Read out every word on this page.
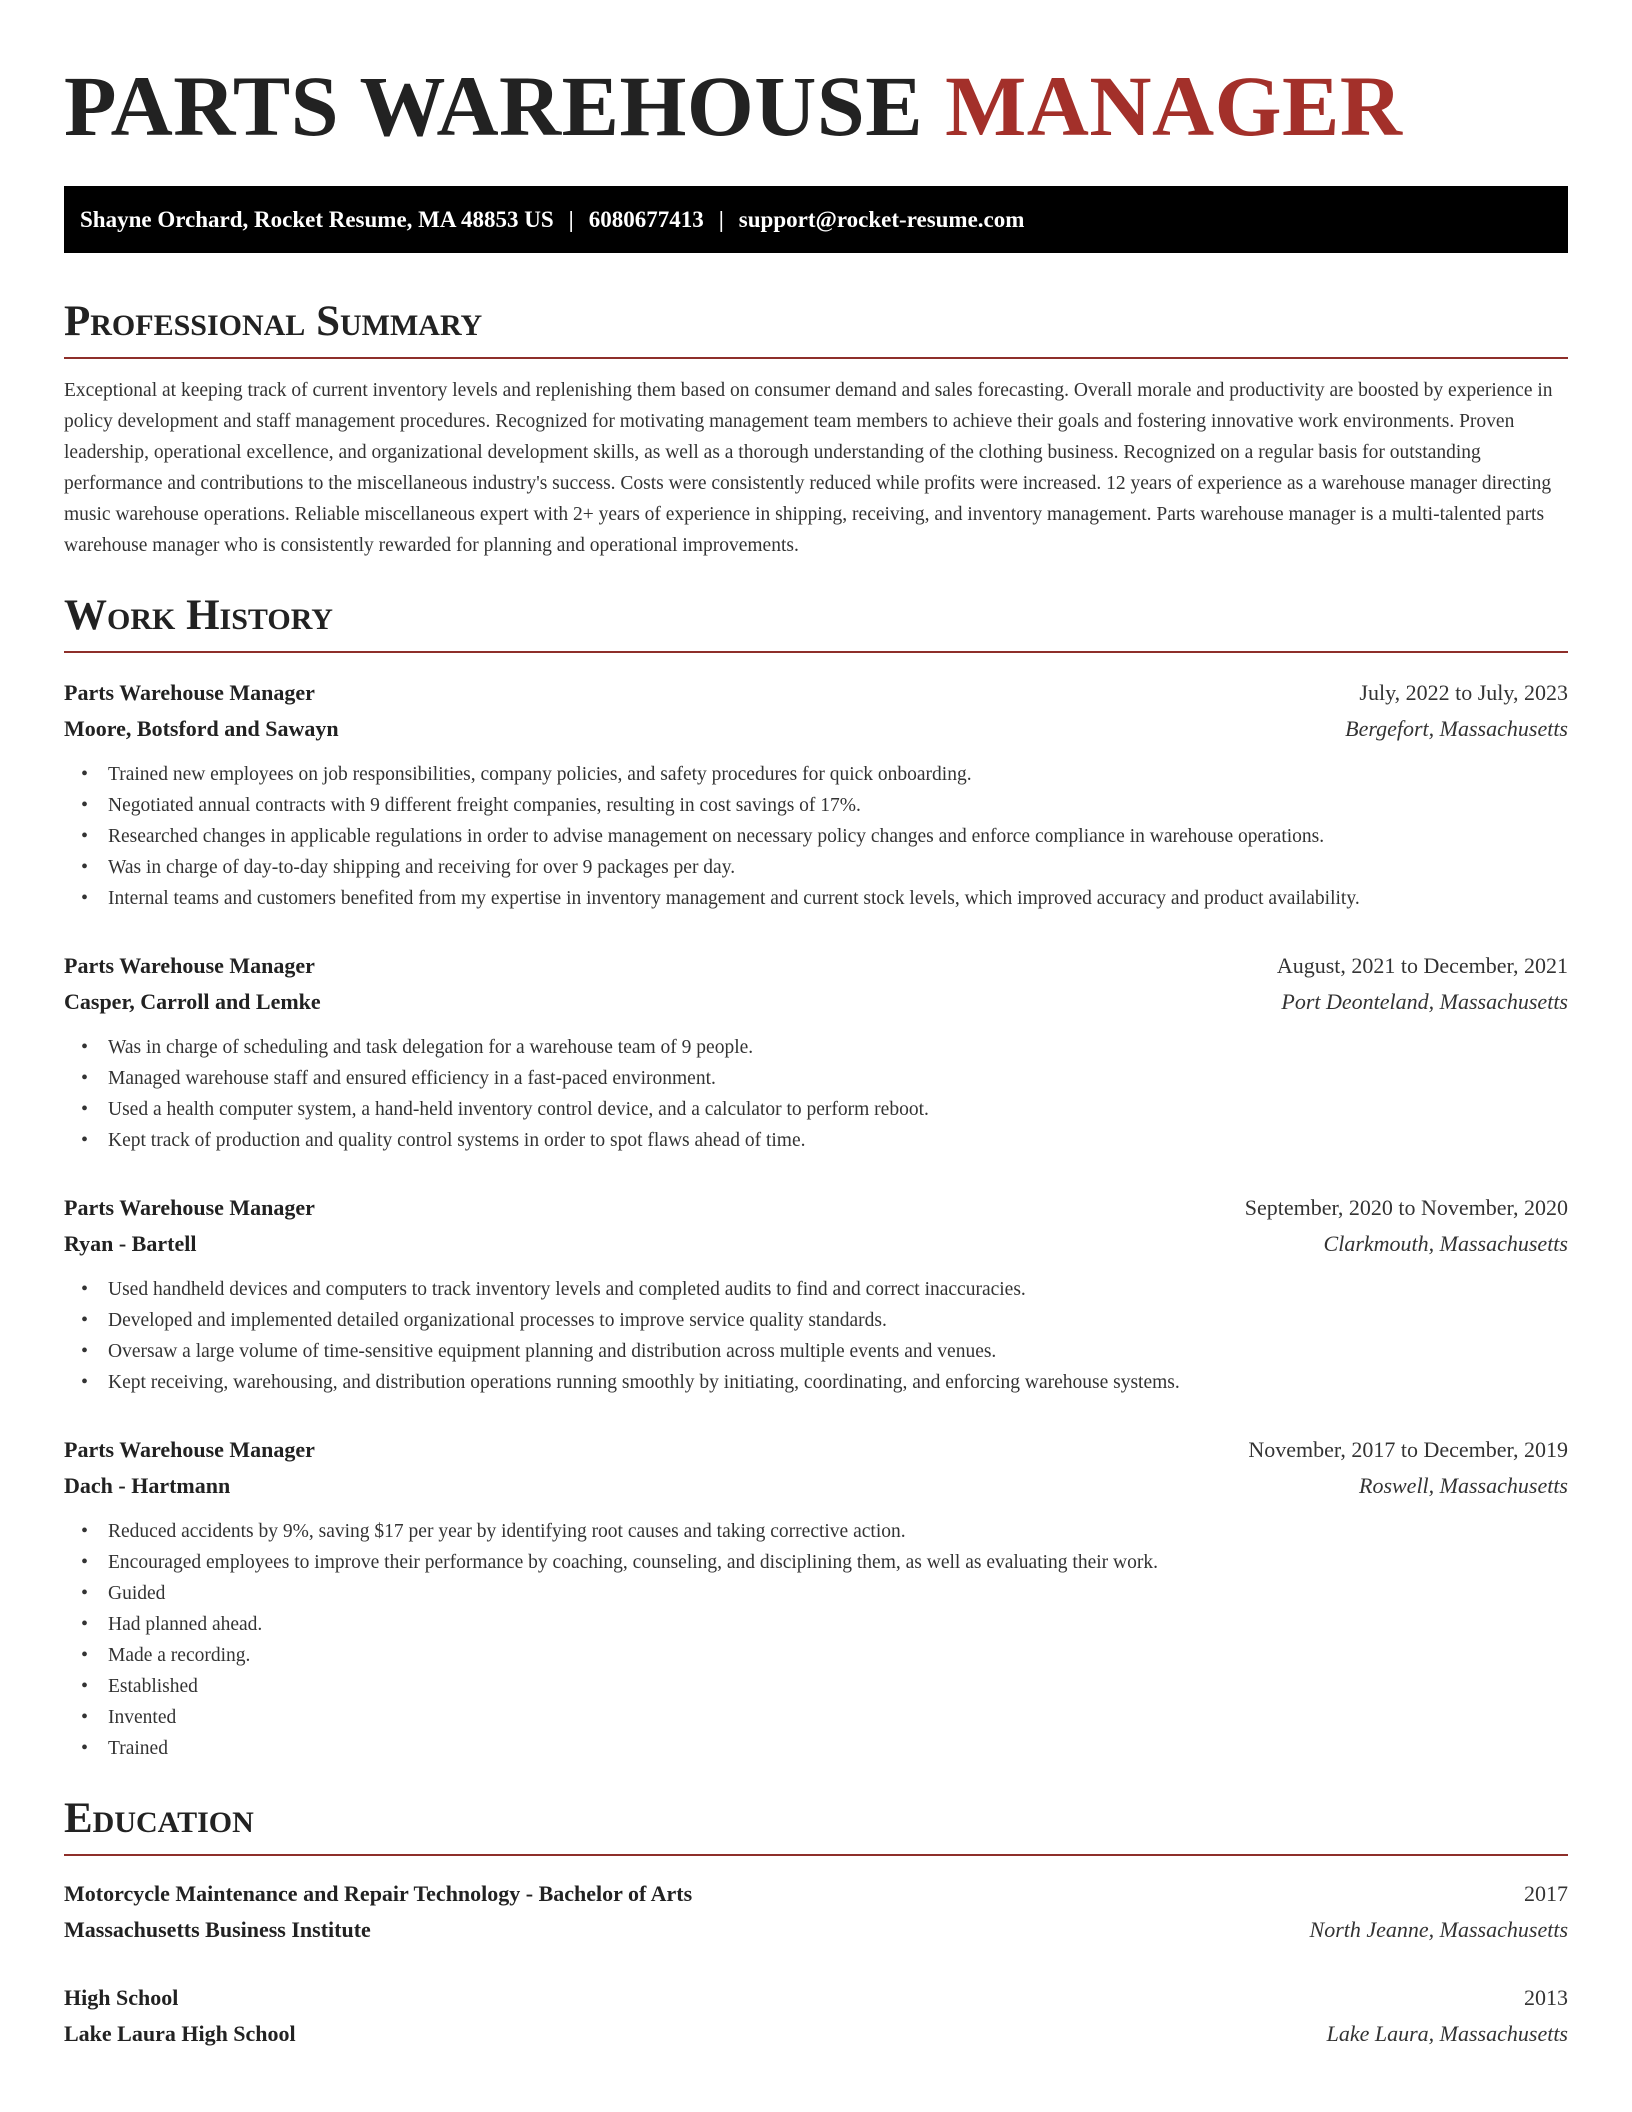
PARTS WAREHOUSE MANAGER
Shayne Orchard, Rocket Resume, MA 48853 US | 6080677413 | support@rocket-resume.com
Professional Summary

Exceptional at keeping track of current inventory levels and replenishing them based on consumer demand and sales forecasting. Overall morale and productivity are boosted by experience in policy development and staff management procedures. Recognized for motivating management team members to achieve their goals and fostering innovative work environments. Proven leadership, operational excellence, and organizational development skills, as well as a thorough understanding of the clothing business. Recognized on a regular basis for outstanding performance and contributions to the miscellaneous industry's success. Costs were consistently reduced while profits were increased. 12 years of experience as a warehouse manager directing music warehouse operations. Reliable miscellaneous expert with 2+ years of experience in shipping, receiving, and inventory management. Parts warehouse manager is a multi-talented parts warehouse manager who is consistently rewarded for planning and operational improvements.

Work History
Parts Warehouse Manager	July, 2022 to July, 2023
Moore, Botsford and Sawayn	Bergefort, Massachusetts
• Trained new employees on job responsibilities, company policies, and safety procedures for quick onboarding.
• Negotiated annual contracts with 9 different freight companies, resulting in cost savings of 17%.
• Researched changes in applicable regulations in order to advise management on necessary policy changes and enforce compliance in warehouse operations.
• Was in charge of day-to-day shipping and receiving for over 9 packages per day.
• Internal teams and customers benefited from my expertise in inventory management and current stock levels, which improved accuracy and product availability.
Parts Warehouse Manager	August, 2021 to December, 2021
Casper, Carroll and Lemke	Port Deonteland, Massachusetts
• Was in charge of scheduling and task delegation for a warehouse team of 9 people.
• Managed warehouse staff and ensured efficiency in a fast-paced environment.
• Used a health computer system, a hand-held inventory control device, and a calculator to perform reboot.
• Kept track of production and quality control systems in order to spot flaws ahead of time.
Parts Warehouse Manager	September, 2020 to November, 2020
Ryan - Bartell	Clarkmouth, Massachusetts
• Used handheld devices and computers to track inventory levels and completed audits to find and correct inaccuracies.
• Developed and implemented detailed organizational processes to improve service quality standards.
• Oversaw a large volume of time-sensitive equipment planning and distribution across multiple events and venues.
• Kept receiving, warehousing, and distribution operations running smoothly by initiating, coordinating, and enforcing warehouse systems.
Parts Warehouse Manager	November, 2017 to December, 2019
Dach - Hartmann	Roswell, Massachusetts
• Reduced accidents by 9%, saving $17 per year by identifying root causes and taking corrective action.
• Encouraged employees to improve their performance by coaching, counseling, and disciplining them, as well as evaluating their work.
• Guided
• Had planned ahead.
• Made a recording.
• Established
• Invented
• Trained
Education
Motorcycle Maintenance and Repair Technology - Bachelor of Arts	2017
Massachusetts Business Institute	North Jeanne, Massachusetts
High School	2013
Lake Laura High School	Lake Laura, Massachusetts
